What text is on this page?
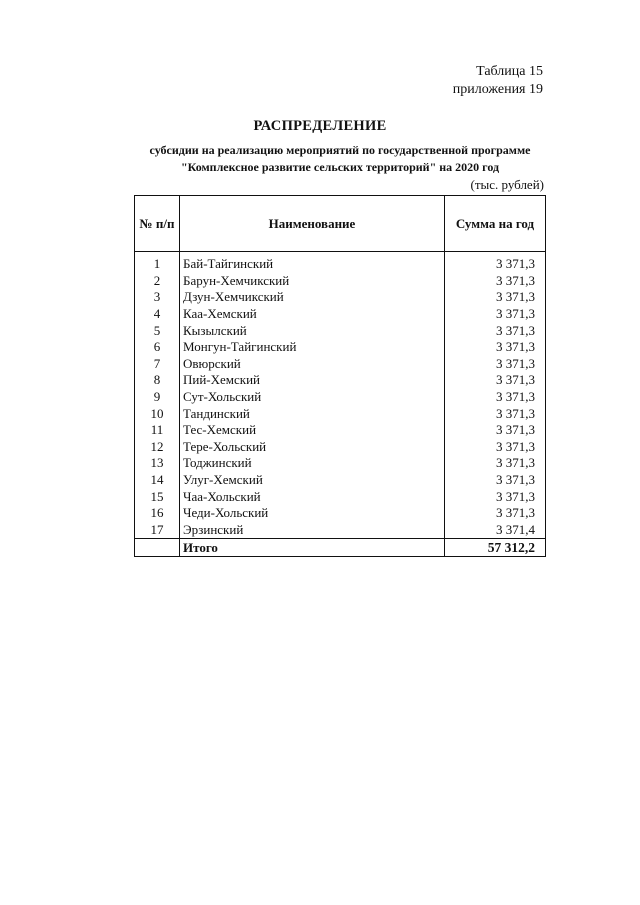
Таблица 15
приложения 19
РАСПРЕДЕЛЕНИЕ
субсидии на реализацию мероприятий по государственной программе
"Комплексное развитие сельских территорий" на 2020 год
(тыс. рублей)
№ п/п	Наименование	Сумма на год
1	Бай-Тайгинский	3 371,3
2	Барун-Хемчикский	3 371,3
3	Дзун-Хемчикский	3 371,3
4	Каа-Хемский	3 371,3
5	Кызылский	3 371,3
6	Монгун-Тайгинский	3 371,3
7	Овюрский	3 371,3
8	Пий-Хемский	3 371,3
9	Сут-Хольский	3 371,3
10	Тандинский	3 371,3
11	Тес-Хемский	3 371,3
12	Тере-Хольский	3 371,3
13	Тоджинский	3 371,3
14	Улуг-Хемский	3 371,3
15	Чаа-Хольский	3 371,3
16	Чеди-Хольский	3 371,3
17	Эрзинский	3 371,4
	Итого	57 312,2
